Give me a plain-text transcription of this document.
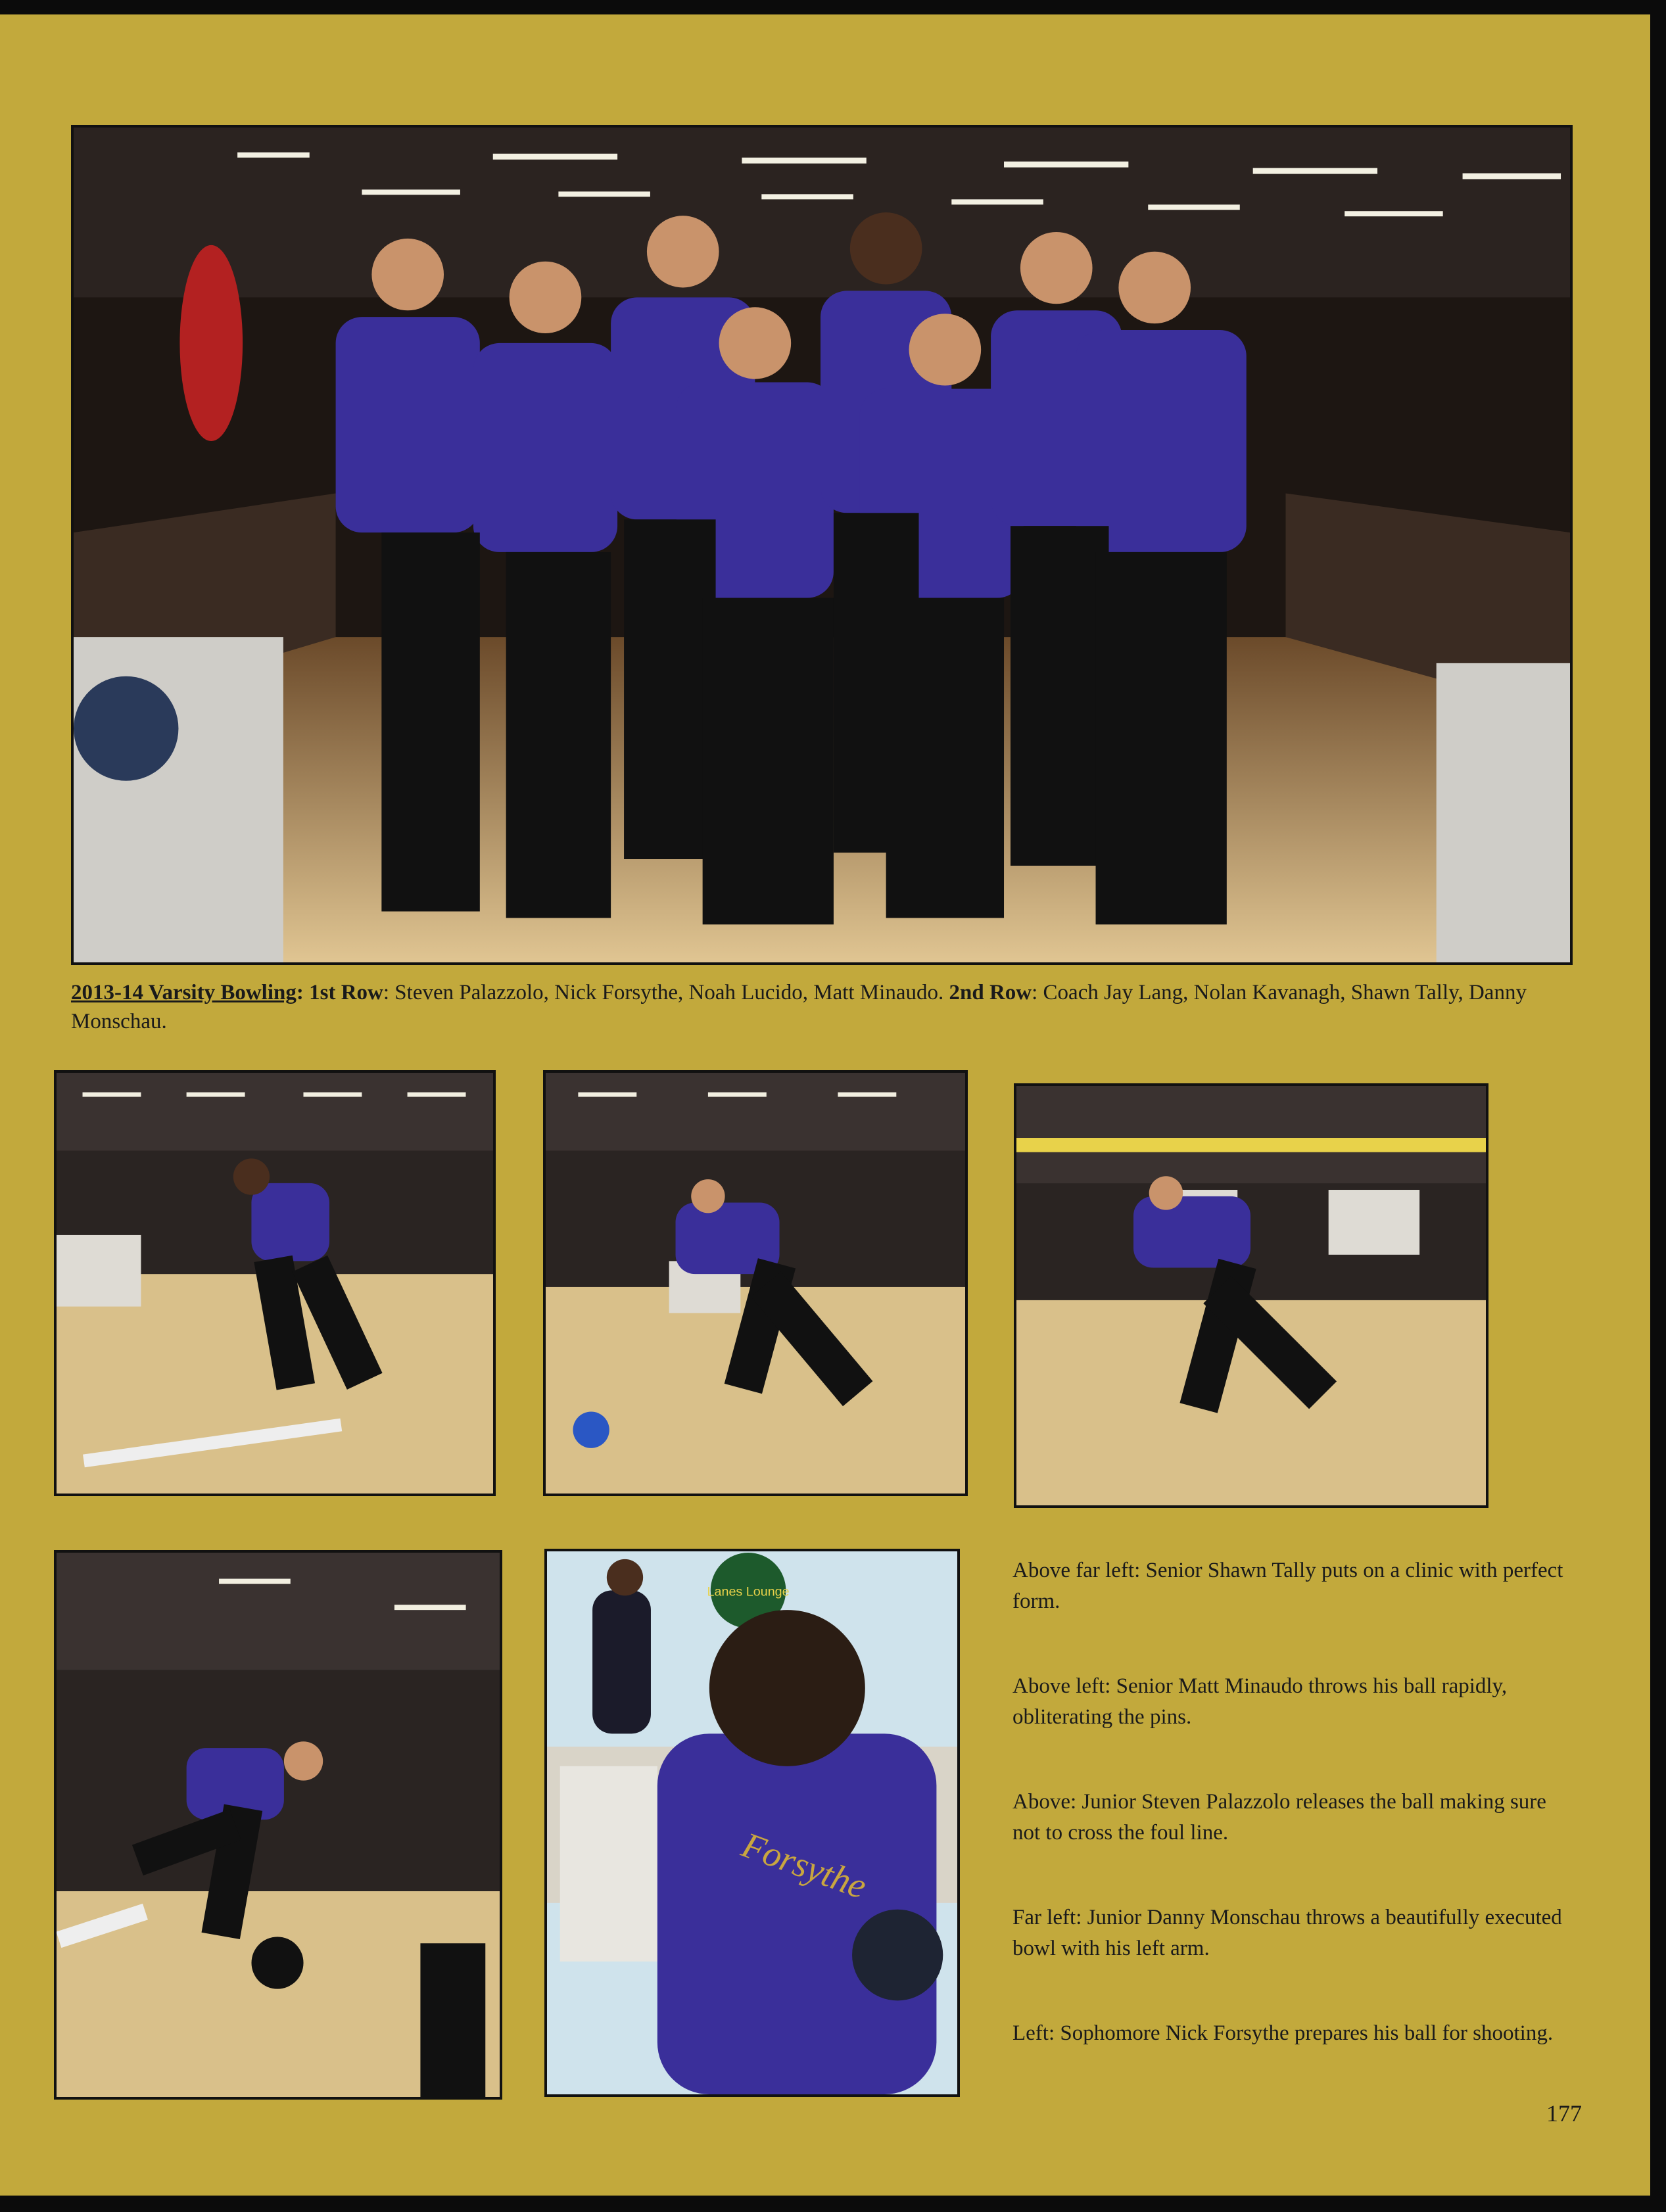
2013-14 Varsity Bowling: 1st Row: Steven Palazzolo, Nick Forsythe, Noah Lucido, Matt Minaudo. 2nd Row: Coach Jay Lang, Nolan Kavanagh, Shawn Tally, Danny Monschau.
Lanes Lounge
Forsythe

Above far left: Senior Shawn Tally puts on a clinic with perfect form.

Above left: Senior Matt Minaudo throws his ball rapidly, obliterating the pins.

Above: Junior Steven Palazzolo releases the ball making sure not to cross the foul line.

Far left: Junior Danny Monschau throws a beautifully executed bowl with his left arm.

Left: Sophomore Nick Forsythe prepares his ball for shooting.

177
